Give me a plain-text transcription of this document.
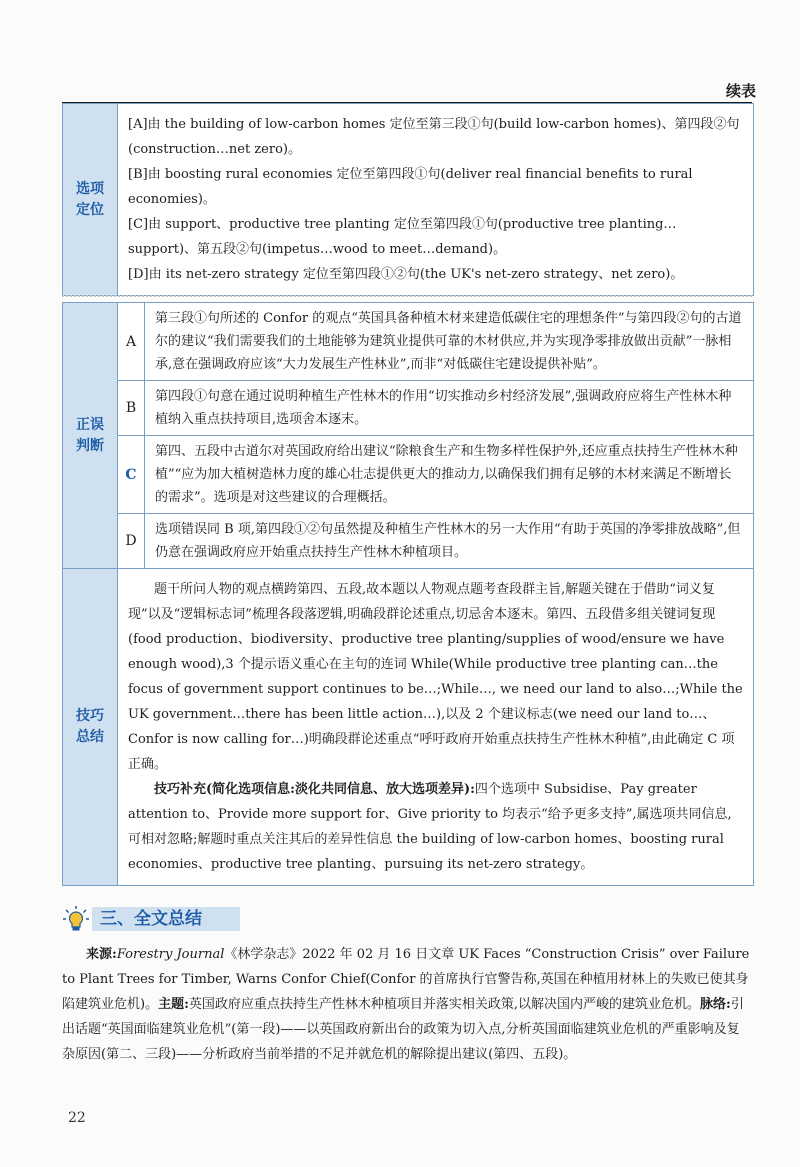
续表
选项定位

[A]由 the building of low-carbon homes 定位至第三段①句(build low-carbon homes)、第四段②句(construction…net zero)。

[B]由 boosting rural economies 定位至第四段①句(deliver real financial benefits to rural economies)。

[C]由 support、productive tree planting 定位至第四段①句(productive tree planting…support)、第五段②句(impetus…wood to meet…demand)。

[D]由 its net-zero strategy 定位至第四段①②句(the UK's net-zero strategy、net zero)。

正误判断
A
第三段①句所述的 Confor 的观点“英国具备种植木材来建造低碳住宅的理想条件”与第四段②句的古道尔的建议“我们需要我们的土地能够为建筑业提供可靠的木材供应,并为实现净零排放做出贡献”一脉相承,意在强调政府应该“大力发展生产性林业”,而非“对低碳住宅建设提供补贴”。
B
第四段①句意在通过说明种植生产性林木的作用“切实推动乡村经济发展”,强调政府应将生产性林木种植纳入重点扶持项目,选项舍本逐末。
C
第四、五段中古道尔对英国政府给出建议“除粮食生产和生物多样性保护外,还应重点扶持生产性林木种植”“应为加大植树造林力度的雄心壮志提供更大的推动力,以确保我们拥有足够的木材来满足不断增长的需求”。选项是对这些建议的合理概括。
D
选项错误同 B 项,第四段①②句虽然提及种植生产性林木的另一大作用“有助于英国的净零排放战略”,但仍意在强调政府应开始重点扶持生产性林木种植项目。
技巧总结

题干所问人物的观点横跨第四、五段,故本题以人物观点题考查段群主旨,解题关键在于借助“词义复现”以及“逻辑标志词”梳理各段落逻辑,明确段群论述重点,切忌舍本逐末。第四、五段借多组关键词复现(food production、biodiversity、productive tree planting/supplies of wood/ensure we have enough wood),3 个提示语义重心在主句的连词 While(While productive tree planting can…the focus of government support continues to be…;While…, we need our land to also…;While the UK government…there has been little action…),以及 2 个建议标志(we need our land to…、Confor is now calling for…)明确段群论述重点“呼吁政府开始重点扶持生产性林木种植”,由此确定 C 项正确。

技巧补充(简化选项信息:淡化共同信息、放大选项差异):四个选项中 Subsidise、Pay greater attention to、Provide more support for、Give priority to 均表示“给予更多支持”,属选项共同信息,可相对忽略;解题时重点关注其后的差异性信息 the building of low-carbon homes、boosting rural economies、productive tree planting、pursuing its net-zero strategy。

三、全文总结

来源:Forestry Journal《林学杂志》2022 年 02 月 16 日文章 UK Faces “Construction Crisis” over Failure to Plant Trees for Timber, Warns Confor Chief(Confor 的首席执行官警告称,英国在种植用材林上的失败已使其身陷建筑业危机)。主题:英国政府应重点扶持生产性林木种植项目并落实相关政策,以解决国内严峻的建筑业危机。脉络:引出话题“英国面临建筑业危机”(第一段)——以英国政府新出台的政策为切入点,分析英国面临建筑业危机的严重影响及复杂原因(第二、三段)——分析政府当前举措的不足并就危机的解除提出建议(第四、五段)。

22
